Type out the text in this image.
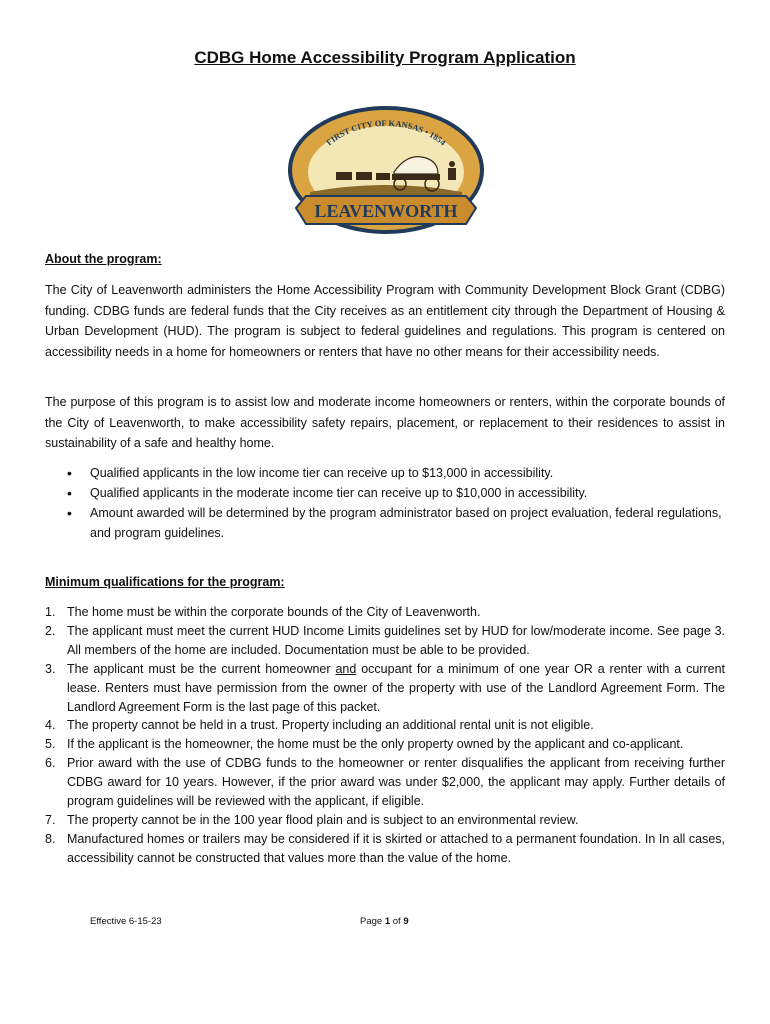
CDBG Home Accessibility Program Application
LEAVENWORTH
FIRST CITY OF KANSAS • 1854
About the program:

The City of Leavenworth administers the Home Accessibility Program with Community Development Block Grant (CDBG) funding. CDBG funds are federal funds that the City receives as an entitlement city through the Department of Housing & Urban Development (HUD). The program is subject to federal guidelines and regulations. This program is centered on accessibility needs in a home for homeowners or renters that have no other means for their accessibility needs.

The purpose of this program is to assist low and moderate income homeowners or renters, within the corporate bounds of the City of Leavenworth, to make accessibility safety repairs, placement, or replacement to their residences to assist in sustainability of a safe and healthy home.

• Qualified applicants in the low income tier can receive up to $13,000 in accessibility.
• Qualified applicants in the moderate income tier can receive up to $10,000 in accessibility.
• Amount awarded will be determined by the program administrator based on project evaluation, federal regulations, and program guidelines.
Minimum qualifications for the program:
1. The home must be within the corporate bounds of the City of Leavenworth.
2. The applicant must meet the current HUD Income Limits guidelines set by HUD for low/moderate income. See page 3. All members of the home are included. Documentation must be able to be provided.
3. The applicant must be the current homeowner and occupant for a minimum of one year OR a renter with a current lease. Renters must have permission from the owner of the property with use of the Landlord Agreement Form. The Landlord Agreement Form is the last page of this packet.
4. The property cannot be held in a trust. Property including an additional rental unit is not eligible.
5. If the applicant is the homeowner, the home must be the only property owned by the applicant and co-applicant.
6. Prior award with the use of CDBG funds to the homeowner or renter disqualifies the applicant from receiving further CDBG award for 10 years. However, if the prior award was under $2,000, the applicant may apply. Further details of program guidelines will be reviewed with the applicant, if eligible.
7. The property cannot be in the 100 year flood plain and is subject to an environmental review.
8. Manufactured homes or trailers may be considered if it is skirted or attached to a permanent foundation. In In all cases, accessibility cannot be constructed that values more than the value of the home.
Effective 6-15-23	Page 1 of 9
